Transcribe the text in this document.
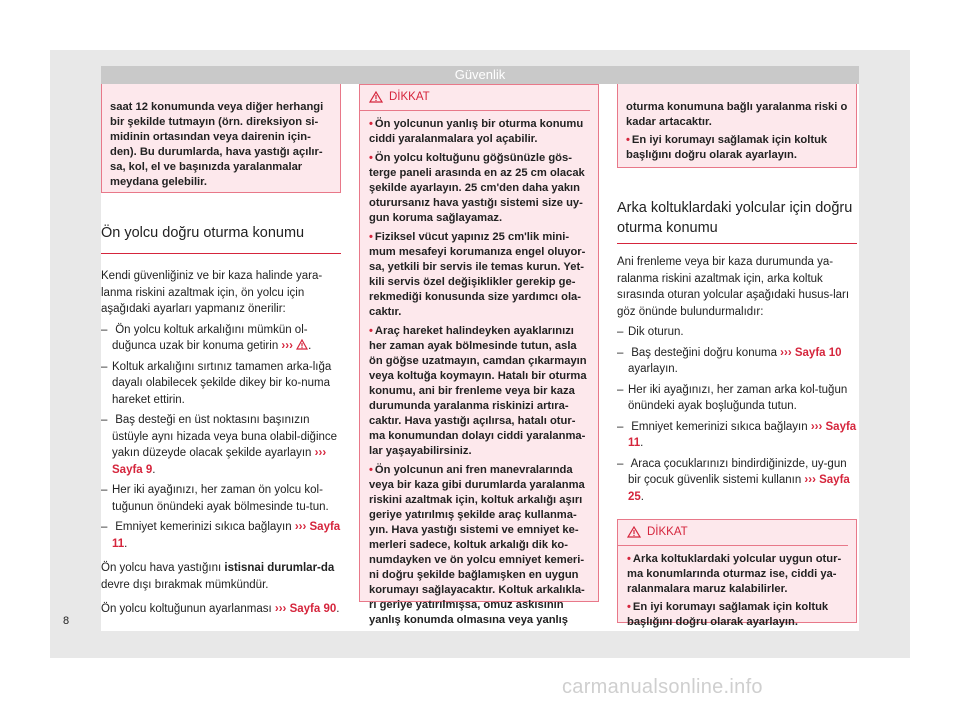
Güvenlik

saat 12 konumunda veya diğer herhangi bir şekilde tutmayın (örn. direksiyon si-midinin ortasından veya dairenin için-den). Bu durumlarda, hava yastığı açılır-sa, kol, el ve başınızda yaralanmalar meydana gelebilir.

Ön yolcu doğru oturma konumu

Kendi güvenliğiniz ve bir kaza halinde yara-lanma riskini azaltmak için, ön yolcu için aşağıdaki ayarları yapmanız önerilir:

– Ön yolcu koltuk arkalığını mümkün ol-duğunca uzak bir konuma getirin ››› .

– Koltuk arkalığını sırtınız tamamen arka-lığa dayalı olabilecek şekilde dikey bir ko-numa hareket ettirin.

– Baş desteği en üst noktasını başınızın üstüyle aynı hizada veya buna olabil-diğince yakın düzeyde olacak şekilde ayarlayın ››› Sayfa 9.

– Her iki ayağınızı, her zaman ön yolcu kol-tuğunun önündeki ayak bölmesinde tu-tun.

– Emniyet kemerinizi sıkıca bağlayın ››› Sayfa 11.

Ön yolcu hava yastığını istisnai durumlar-da devre dışı bırakmak mümkündür.

Ön yolcu koltuğunun ayarlanması ››› Sayfa 90.

DİKKAT

• Ön yolcunun yanlış bir oturma konumu ciddi yaralanmalara yol açabilir.

• Ön yolcu koltuğunu göğsünüzle gös-terge paneli arasında en az 25 cm olacak şekilde ayarlayın. 25 cm'den daha yakın oturursanız hava yastığı sistemi size uy-gun koruma sağlayamaz.

• Fiziksel vücut yapınız 25 cm'lik mini-mum mesafeyi korumanıza engel oluyor-sa, yetkili bir servis ile temas kurun. Yet-kili servis özel değişiklikler gerekip ge-rekmediği konusunda size yardımcı ola-caktır.

• Araç hareket halindeyken ayaklarınızı her zaman ayak bölmesinde tutun, asla ön göğse uzatmayın, camdan çıkarmayın veya koltuğa koymayın. Hatalı bir oturma konumu, ani bir frenleme veya bir kaza durumunda yaralanma riskinizi artıra-caktır. Hava yastığı açılırsa, hatalı otur-ma konumundan dolayı ciddi yaralanma-lar yaşayabilirsiniz.

• Ön yolcunun ani fren manevralarında veya bir kaza gibi durumlarda yaralanma riskini azaltmak için, koltuk arkalığı aşırı geriye yatırılmış şekilde araç kullanma-yın. Hava yastığı sistemi ve emniyet ke-merleri sadece, koltuk arkalığı dik ko-numdayken ve ön yolcu emniyet kemeri-ni doğru şekilde bağlamışken en uygun korumayı sağlayacaktır. Koltuk arkalıkla-rı geriye yatırılmışsa, omuz askısının yanlış konumda olmasına veya yanlış

oturma konumuna bağlı yaralanma riski o kadar artacaktır.

• En iyi korumayı sağlamak için koltuk başlığını doğru olarak ayarlayın.

Arka koltuklardaki yolcular için doğru oturma konumu

Ani frenleme veya bir kaza durumunda ya-ralanma riskini azaltmak için, arka koltuk sırasında oturan yolcular aşağıdaki husus-ları göz önünde bulundurmalıdır:

– Dik oturun.

– Baş desteğini doğru konuma ››› Sayfa 10 ayarlayın.

– Her iki ayağınızı, her zaman arka kol-tuğun önündeki ayak boşluğunda tutun.

– Emniyet kemerinizi sıkıca bağlayın ››› Sayfa 11.

– Araca çocuklarınızı bindirdiğinizde, uy-gun bir çocuk güvenlik sistemi kullanın ››› Sayfa 25.

DİKKAT

• Arka koltuklardaki yolcular uygun otur-ma konumlarında oturmaz ise, ciddi ya-ralanmalara maruz kalabilirler.

• En iyi korumayı sağlamak için koltuk başlığını doğru olarak ayarlayın.

8
carmanualsonline.info
